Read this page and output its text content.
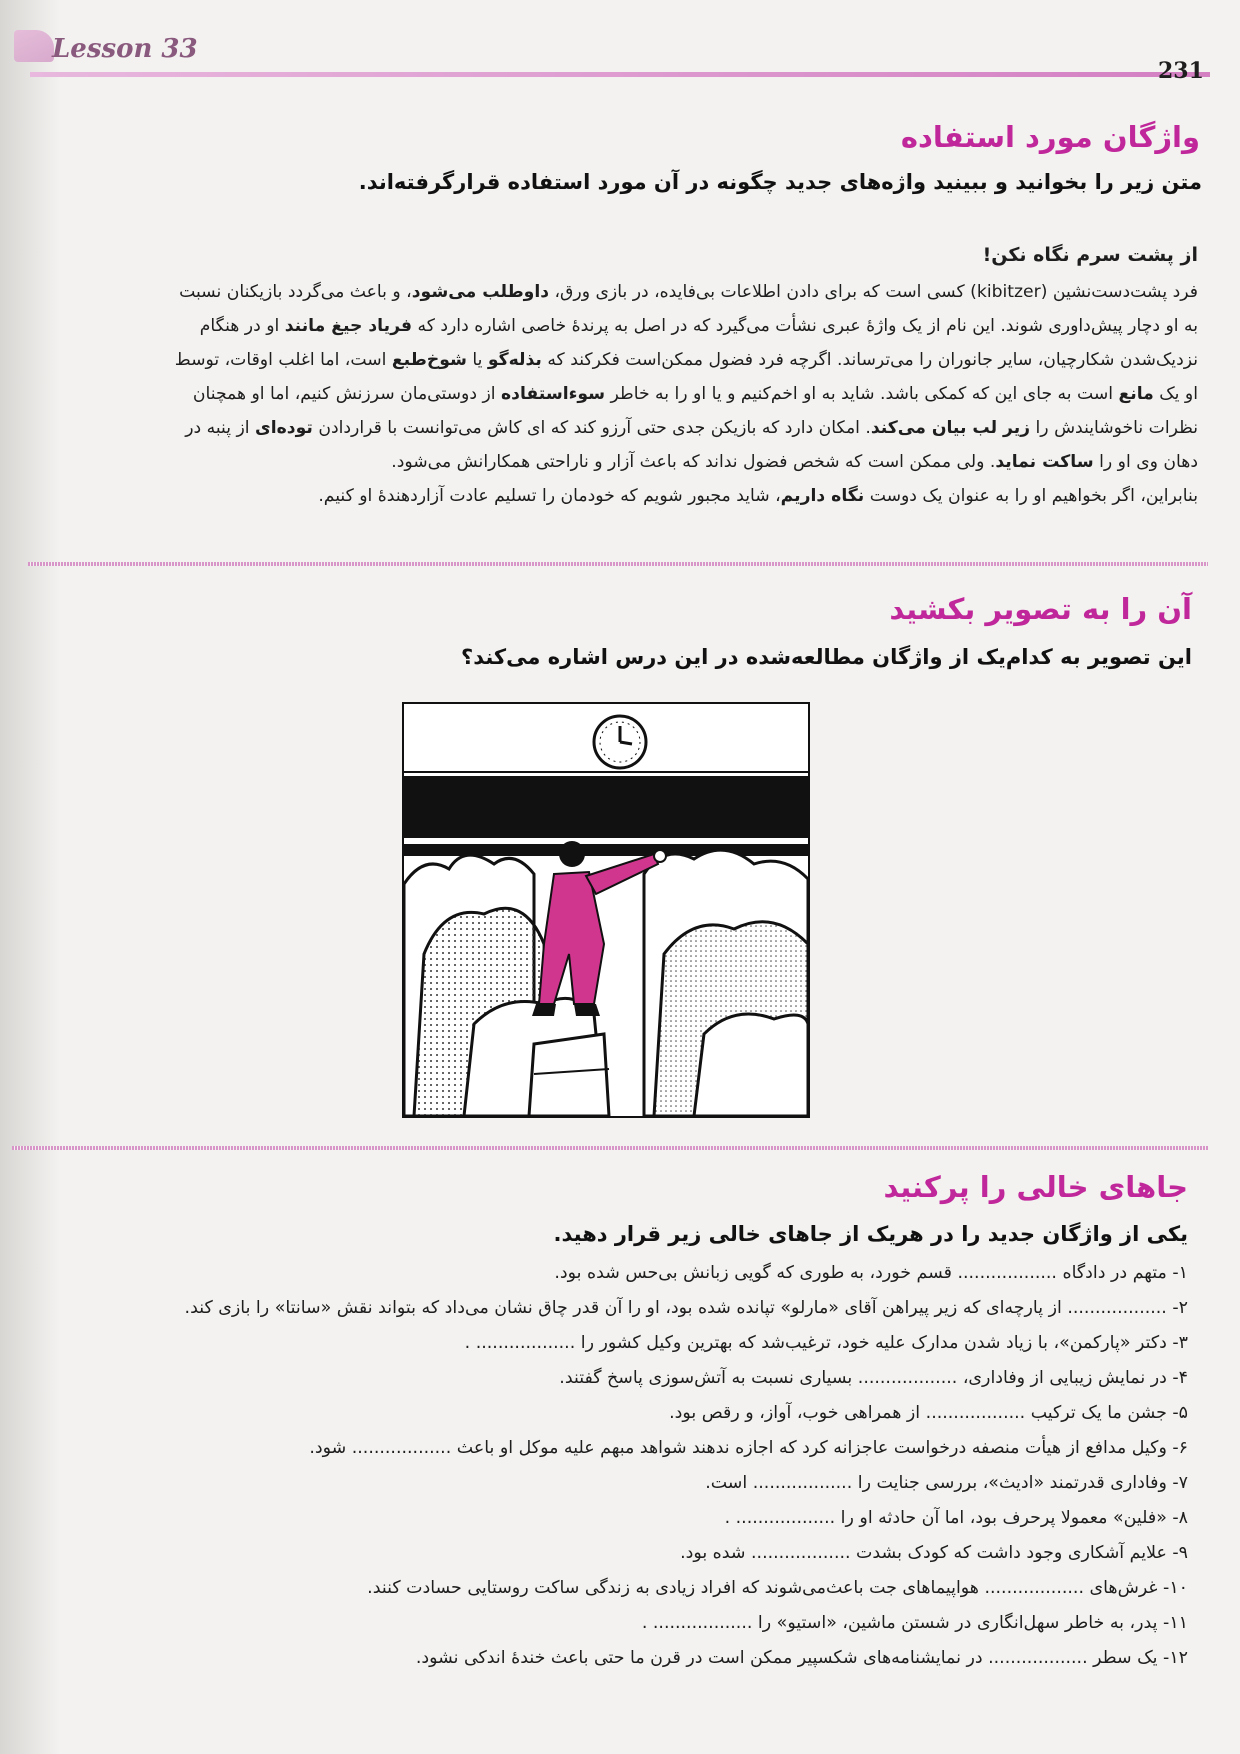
Lesson 33
231
واژگان مورد استفاده
متن زیر را بخوانید و ببینید واژه‌های جدید چگونه در آن مورد استفاده قرارگرفته‌اند.
از پشت سرم نگاه نکن!
فرد پشت‌دست‌نشین (kibitzer) کسی است که برای دادن اطلاعات بی‌فایده، در بازی ورق، داوطلب می‌شود، و باعث می‌گردد بازیکنان نسبت
به او دچار پیش‌داوری شوند. این نام از یک واژهٔ عبری نشأت می‌گیرد که در اصل به پرندهٔ خاصی اشاره دارد که فریاد جیغ مانند او در هنگام
نزدیک‌شدن شکارچیان، سایر جانوران را می‌ترساند. اگرچه فرد فضول ممکن‌است فکرکند که بذله‌گو یا شوخ‌طبع است، اما اغلب اوقات، توسط
او یک مانع است به جای این که کمکی باشد. شاید به او اخم‌کنیم و یا او را به خاطر سوءاستفاده از دوستی‌مان سرزنش کنیم، اما او همچنان
نظرات ناخوشایندش را زیر لب بیان می‌کند. امکان دارد که بازیکن جدی حتی آرزو کند که ای کاش می‌توانست با قراردادن توده‌ای از پنبه در
دهان وی او را ساکت نماید. ولی ممکن است که شخص فضول نداند که باعث آزار و ناراحتی همکارانش می‌شود.
بنابراین، اگر بخواهیم او را به عنوان یک دوست نگاه داریم، شاید مجبور شویم که خودمان را تسلیم عادت آزاردهندهٔ او کنیم.
آن را به تصویر بکشید
این تصویر به کدام‌یک از واژگان مطالعه‌شده در این درس اشاره می‌کند؟
جاهای خالی را پرکنید
یکی از واژگان جدید را در هریک از جاهای خالی زیر قرار دهید.
۱- متهم در دادگاه .................. قسم خورد، به طوری که گویی زبانش بی‌حس شده بود.
۲- .................. از پارچه‌ای که زیر پیراهن آقای «مارلو» تپانده شده بود، او را آن قدر چاق نشان می‌داد که بتواند نقش «سانتا» را بازی کند.
۳- دکتر «پارکمن»، با زیاد شدن مدارک علیه خود، ترغیب‌شد که بهترین وکیل کشور را .................. .
۴- در نمایش زیبایی از وفاداری، .................. بسیاری نسبت به آتش‌سوزی پاسخ گفتند.
۵- جشن ما یک ترکیب .................. از همراهی خوب، آواز، و رقص بود.
۶- وکیل مدافع از هیأت منصفه درخواست عاجزانه کرد که اجازه ندهند شواهد مبهم علیه موکل او باعث .................. شود.
۷- وفاداری قدرتمند «ادیث»، بررسی جنایت را .................. است.
۸- «فلین» معمولا پرحرف بود، اما آن حادثه او را .................. .
۹- علایم آشکاری وجود داشت که کودک بشدت .................. شده بود.
۱۰- غرش‌های .................. هواپیماهای جت باعث‌می‌شوند که افراد زیادی به زندگی ساکت روستایی حسادت کنند.
۱۱- پدر، به خاطر سهل‌انگاری در شستن ماشین، «استیو» را .................. .
۱۲- یک سطر .................. در نمایشنامه‌های شکسپیر ممکن است در قرن ما حتی باعث خندهٔ اندکی نشود.
